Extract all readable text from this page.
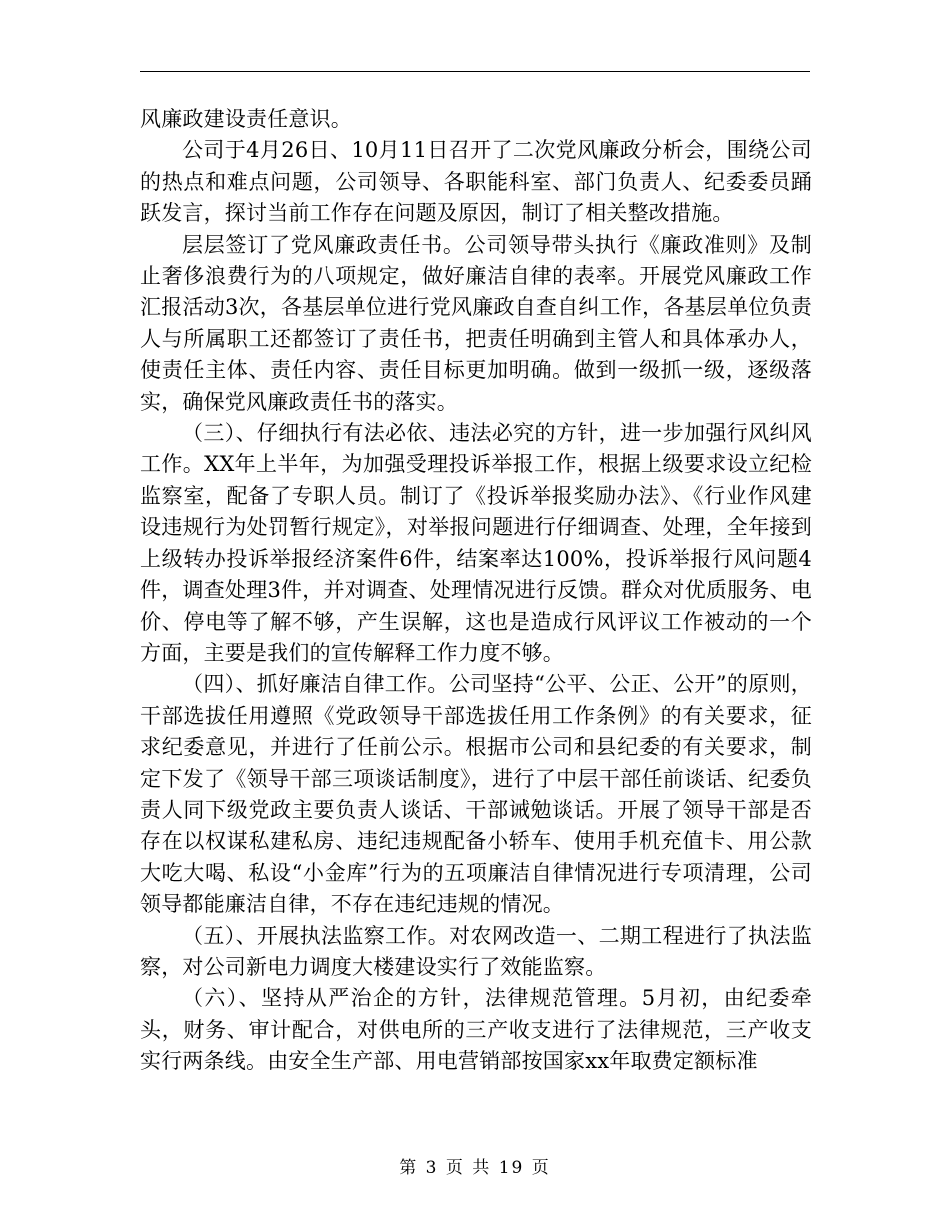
风廉政建设责任意识。

公司于4月26日、10月11日召开了二次党风廉政分析会，围绕公司的热点和难点问题，公司领导、各职能科室、部门负责人、纪委委员踊跃发言，探讨当前工作存在问题及原因，制订了相关整改措施。

层层签订了党风廉政责任书。公司领导带头执行《廉政准则》及制止奢侈浪费行为的八项规定，做好廉洁自律的表率。开展党风廉政工作汇报活动3次，各基层单位进行党风廉政自查自纠工作，各基层单位负责人与所属职工还都签订了责任书，把责任明确到主管人和具体承办人，使责任主体、责任内容、责任目标更加明确。做到一级抓一级，逐级落实，确保党风廉政责任书的落实。

（三）、仔细执行有法必依、违法必究的方针，进一步加强行风纠风工作。XX年上半年，为加强受理投诉举报工作，根据上级要求设立纪检监察室，配备了专职人员。制订了《投诉举报奖励办法》、《行业作风建设违规行为处罚暂行规定》，对举报问题进行仔细调查、处理，全年接到上级转办投诉举报经济案件6件，结案率达100%，投诉举报行风问题4件，调查处理3件，并对调查、处理情况进行反馈。群众对优质服务、电价、停电等了解不够，产生误解，这也是造成行风评议工作被动的一个方面，主要是我们的宣传解释工作力度不够。

（四）、抓好廉洁自律工作。公司坚持“公平、公正、公开”的原则，干部选拔任用遵照《党政领导干部选拔任用工作条例》的有关要求，征求纪委意见，并进行了任前公示。根据市公司和县纪委的有关要求，制定下发了《领导干部三项谈话制度》，进行了中层干部任前谈话、纪委负责人同下级党政主要负责人谈话、干部诫勉谈话。开展了领导干部是否存在以权谋私建私房、违纪违规配备小轿车、使用手机充值卡、用公款大吃大喝、私设“小金库”行为的五项廉洁自律情况进行专项清理，公司领导都能廉洁自律，不存在违纪违规的情况。

（五）、开展执法监察工作。对农网改造一、二期工程进行了执法监察，对公司新电力调度大楼建设实行了效能监察。

（六）、坚持从严治企的方针，法律规范管理。5月初，由纪委牵头，财务、审计配合，对供电所的三产收支进行了法律规范，三产收支实行两条线。由安全生产部、用电营销部按国家xx年取费定额标准

第 3 页 共 19 页
